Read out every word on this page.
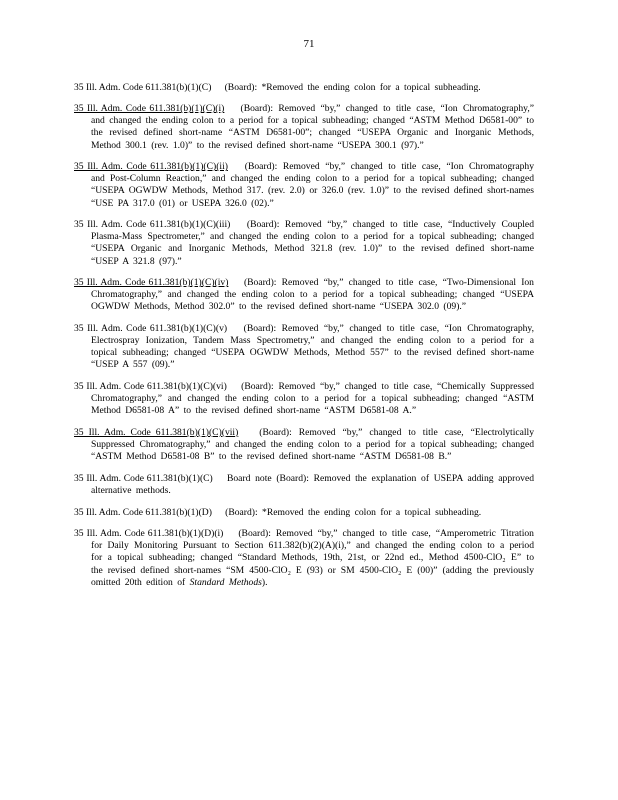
71

35 Ill. Adm. Code 611.381(b)(1)(C) (Board): *Removed the ending colon for a topical subheading.

35 Ill. Adm. Code 611.381(b)(1)(C)(i) (Board): Removed “by,” changed to title case, “Ion Chromatography,” and changed the ending colon to a period for a topical subheading; changed “ASTM Method D6581-00” to the revised defined short-name “ASTM D6581-00”; changed “USEPA Organic and Inorganic Methods, Method 300.1 (rev. 1.0)” to the revised defined short-name “USEPA 300.1 (97).”

35 Ill. Adm. Code 611.381(b)(1)(C)(ii) (Board): Removed “by,” changed to title case, “Ion Chromatography and Post-Column Reaction,” and changed the ending colon to a period for a topical subheading; changed “USEPA OGWDW Methods, Method 317. (rev. 2.0) or 326.0 (rev. 1.0)” to the revised defined short-names “USE PA 317.0 (01) or USEPA 326.0 (02).”

35 Ill. Adm. Code 611.381(b)(1)(C)(iii) (Board): Removed “by,” changed to title case, “Inductively Coupled Plasma-Mass Spectrometer,” and changed the ending colon to a period for a topical subheading; changed “USEPA Organic and Inorganic Methods, Method 321.8 (rev. 1.0)” to the revised defined short-name “USEP A 321.8 (97).”

35 Ill. Adm. Code 611.381(b)(1)(C)(iv) (Board): Removed “by,” changed to title case, “Two-Dimensional Ion Chromatography,” and changed the ending colon to a period for a topical subheading; changed “USEPA OGWDW Methods, Method 302.0” to the revised defined short-name “USEPA 302.0 (09).”

35 Ill. Adm. Code 611.381(b)(1)(C)(v) (Board): Removed “by,” changed to title case, “Ion Chromatography, Electrospray Ionization, Tandem Mass Spectrometry,” and changed the ending colon to a period for a topical subheading; changed “USEPA OGWDW Methods, Method 557” to the revised defined short-name “USEP A 557 (09).”

35 Ill. Adm. Code 611.381(b)(1)(C)(vi) (Board): Removed “by,” changed to title case, “Chemically Suppressed Chromatography,” and changed the ending colon to a period for a topical subheading; changed “ASTM Method D6581-08 A” to the revised defined short-name “ASTM D6581-08 A.”

35 Ill. Adm. Code 611.381(b)(1)(C)(vii) (Board): Removed “by,” changed to title case, “Electrolytically Suppressed Chromatography,” and changed the ending colon to a period for a topical subheading; changed “ASTM Method D6581-08 B” to the revised defined short-name “ASTM D6581-08 B.”

35 Ill. Adm. Code 611.381(b)(1)(C) Board note (Board): Removed the explanation of USEPA adding approved alternative methods.

35 Ill. Adm. Code 611.381(b)(1)(D) (Board): *Removed the ending colon for a topical subheading.

35 Ill. Adm. Code 611.381(b)(1)(D)(i) (Board): Removed “by,” changed to title case, “Amperometric Titration for Daily Monitoring Pursuant to Section 611.382(b)(2)(A)(i),” and changed the ending colon to a period for a topical subheading; changed “Standard Methods, 19th, 21st, or 22nd ed., Method 4500-ClO₂ E” to the revised defined short-names “SM 4500-ClO₂ E (93) or SM 4500-ClO₂ E (00)” (adding the previously omitted 20th edition of Standard Methods).
